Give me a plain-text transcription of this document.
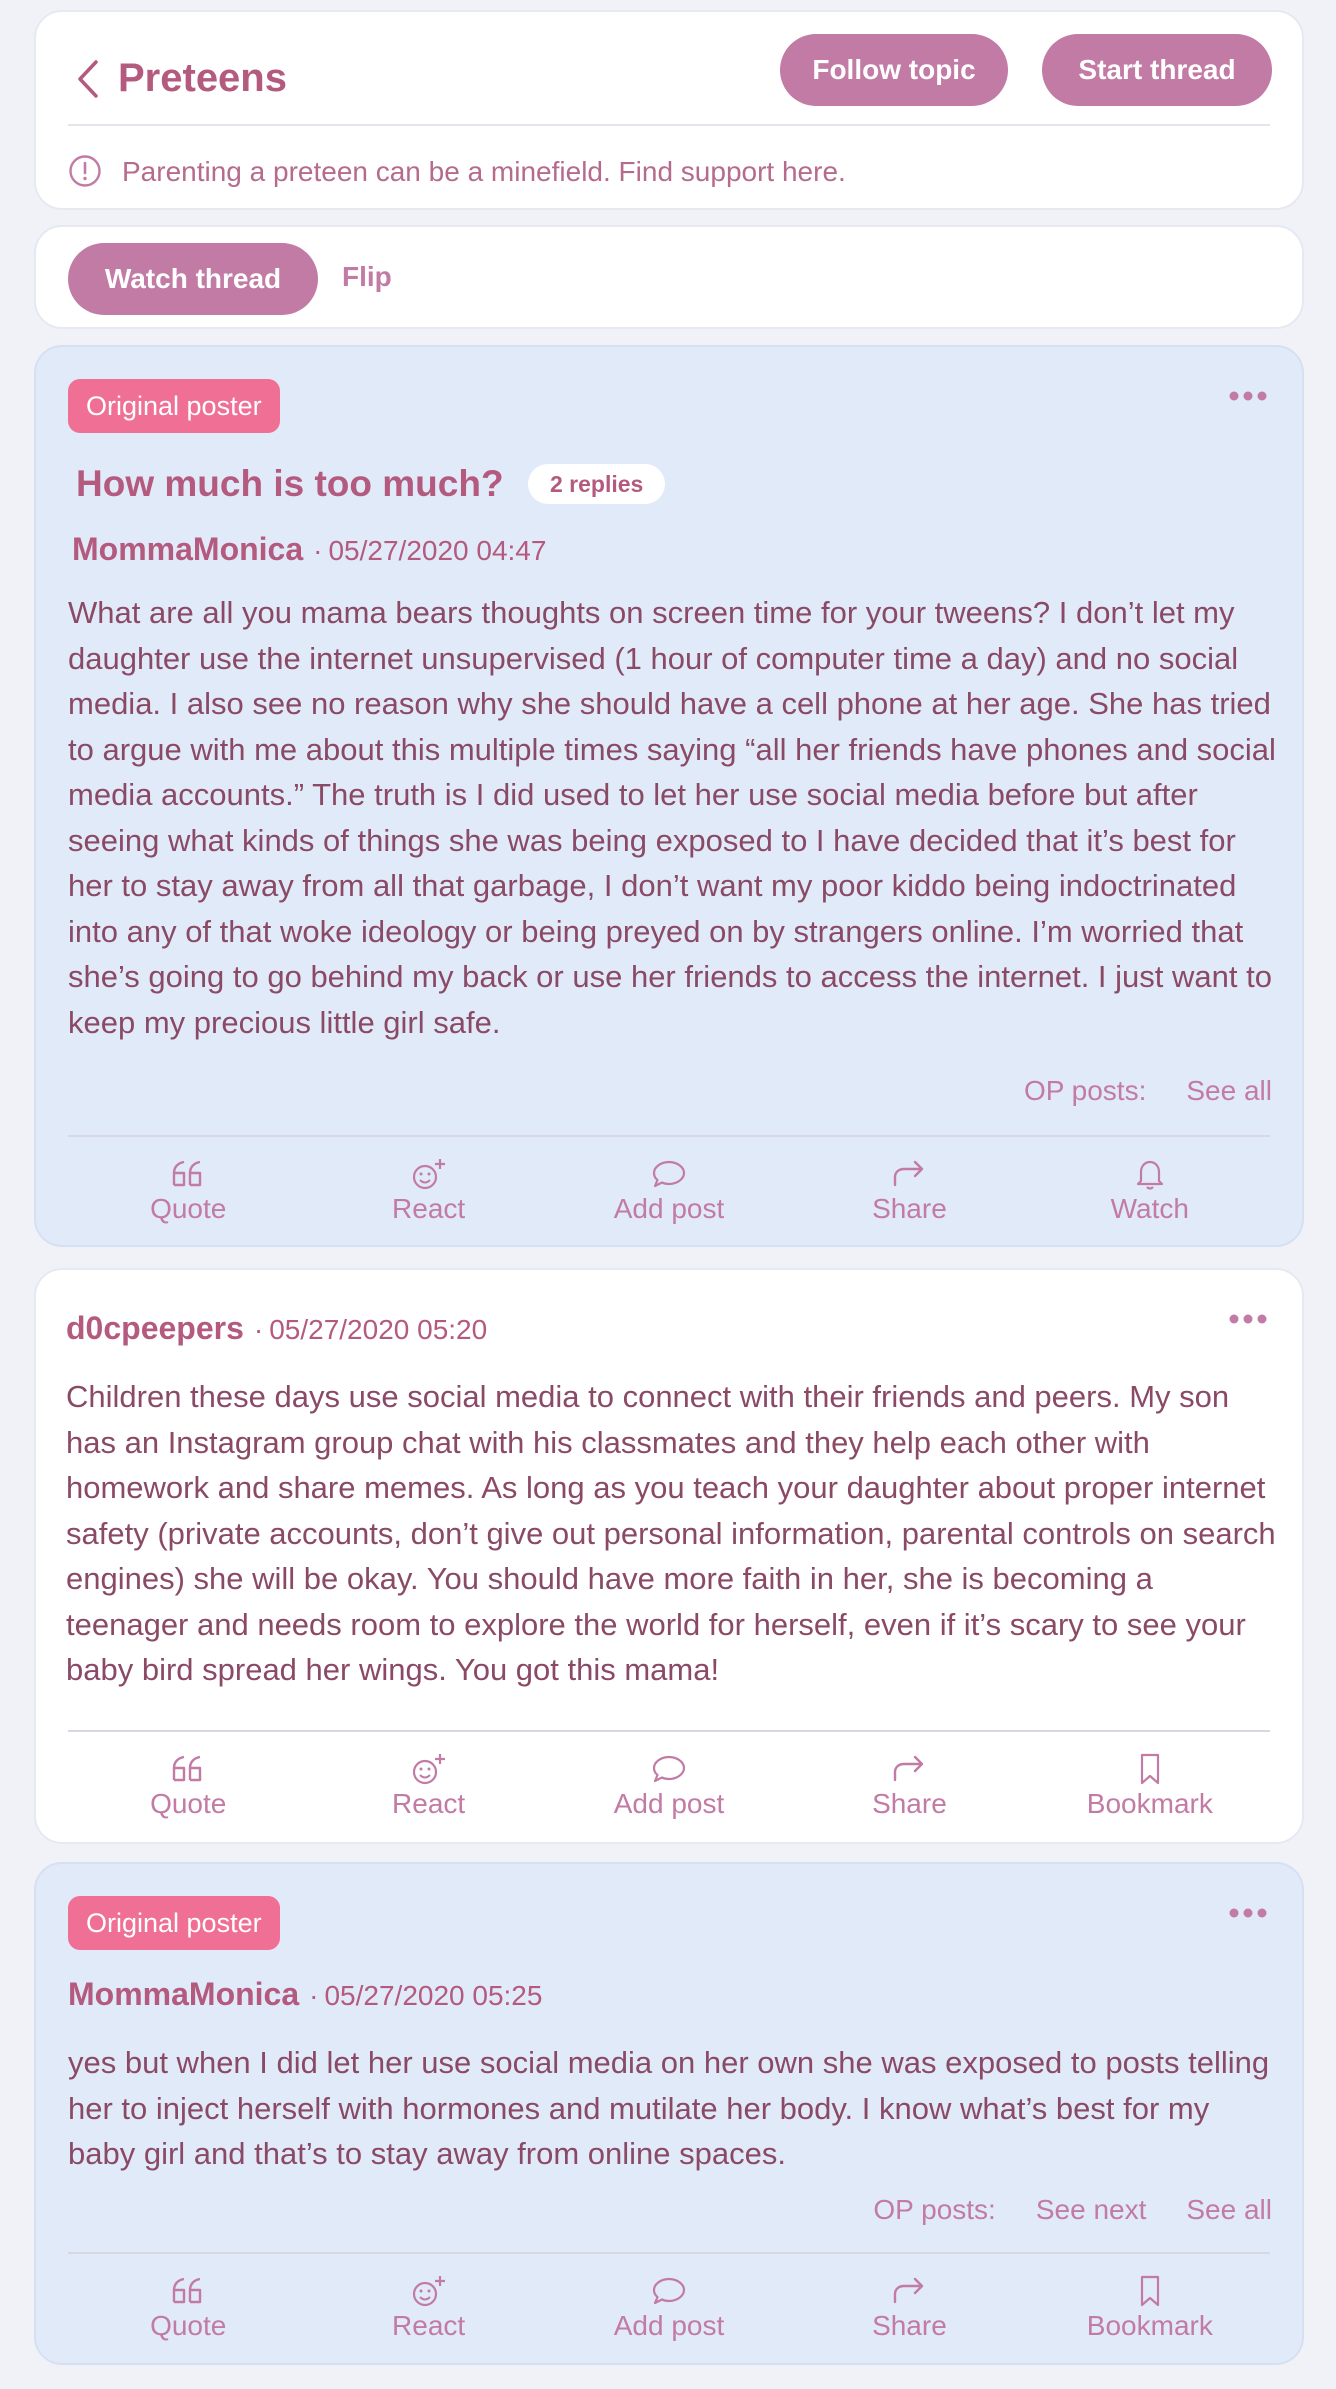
Preteens	Follow topic	Start thread
Parenting a preteen can be a minefield. Find support here.
Watch thread	Flip
Original poster
How much is too much?	2 replies
MommaMonica · 05/27/2020 04:47
What are all you mama bears thoughts on screen time for your tweens? I don’t let my daughter use the internet unsupervised (1 hour of computer time a day) and no social media. I also see no reason why she should have a cell phone at her age. She has tried to argue with me about this multiple times saying “all her friends have phones and social media accounts.” The truth is I did used to let her use social media before but after seeing what kinds of things she was being exposed to I have decided that it’s best for her to stay away from all that garbage, I don’t want my poor kiddo being indoctrinated into any of that woke ideology or being preyed on by strangers online. I’m worried that she’s going to go behind my back or use her friends to access the internet. I just want to keep my precious little girl safe.
OP posts: See all
Quote	React	Add post	Share	Watch
d0cpeepers · 05/27/2020 05:20
Children these days use social media to connect with their friends and peers. My son has an Instagram group chat with his classmates and they help each other with homework and share memes. As long as you teach your daughter about proper internet safety (private accounts, don’t give out personal information, parental controls on search engines) she will be okay. You should have more faith in her, she is becoming a teenager and needs room to explore the world for herself, even if it’s scary to see your baby bird spread her wings. You got this mama!
Quote	React	Add post	Share	Bookmark
Original poster
MommaMonica · 05/27/2020 05:25
yes but when I did let her use social media on her own she was exposed to posts telling her to inject herself with hormones and mutilate her body. I know what’s best for my baby girl and that’s to stay away from online spaces.
OP posts: See next See all
Quote	React	Add post	Share	Bookmark
